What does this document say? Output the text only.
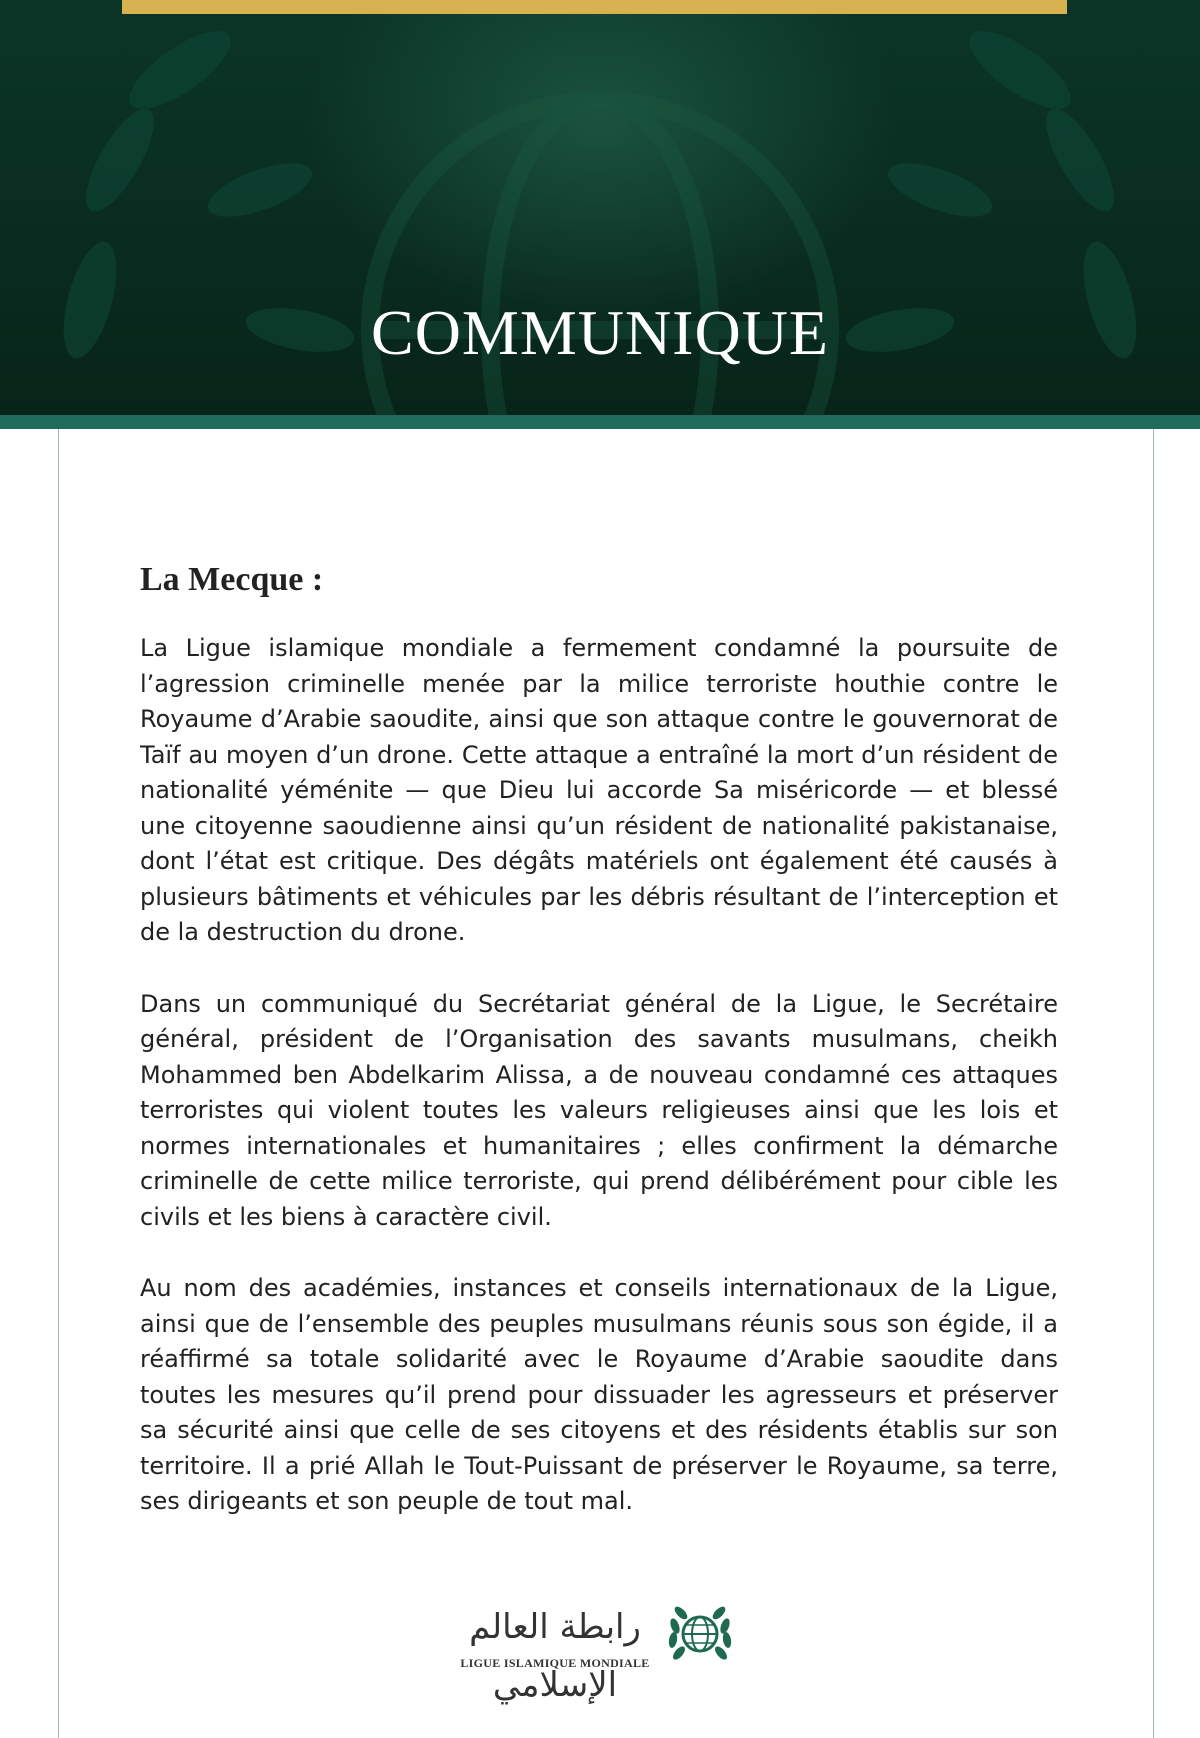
COMMUNIQUE
La Mecque :

La Ligue islamique mondiale a fermement condamné la poursuite de l’agression criminelle menée par la milice terroriste houthie contre le Royaume d’Arabie saoudite, ainsi que son attaque contre le gouvernorat de Taïf au moyen d’un drone. Cette attaque a entraîné la mort d’un résident de nationalité yéménite — que Dieu lui accorde Sa miséricorde — et blessé une citoyenne saoudienne ainsi qu’un résident de nationalité pakistanaise, dont l’état est critique. Des dégâts matériels ont également été causés à plusieurs bâtiments et véhicules par les débris résultant de l’interception et de la destruction du drone.

Dans un communiqué du Secrétariat général de la Ligue, le Secrétaire général, président de l’Organisation des savants musulmans, cheikh Mohammed ben Abdelkarim Alissa, a de nouveau condamné ces attaques terroristes qui violent toutes les valeurs religieuses ainsi que les lois et normes internationales et humanitaires ; elles confirment la démarche criminelle de cette milice terroriste, qui prend délibérément pour cible les civils et les biens à caractère civil.

Au nom des académies, instances et conseils internationaux de la Ligue, ainsi que de l’ensemble des peuples musulmans réunis sous son égide, il a réaffirmé sa totale solidarité avec le Royaume d’Arabie saoudite dans toutes les mesures qu’il prend pour dissuader les agresseurs et préserver sa sécurité ainsi que celle de ses citoyens et des résidents établis sur son territoire. Il a prié Allah le Tout-Puissant de préserver le Royaume, sa terre, ses dirigeants et son peuple de tout mal.

رابطة العالم الإسلامي
LIGUE ISLAMIQUE MONDIALE
